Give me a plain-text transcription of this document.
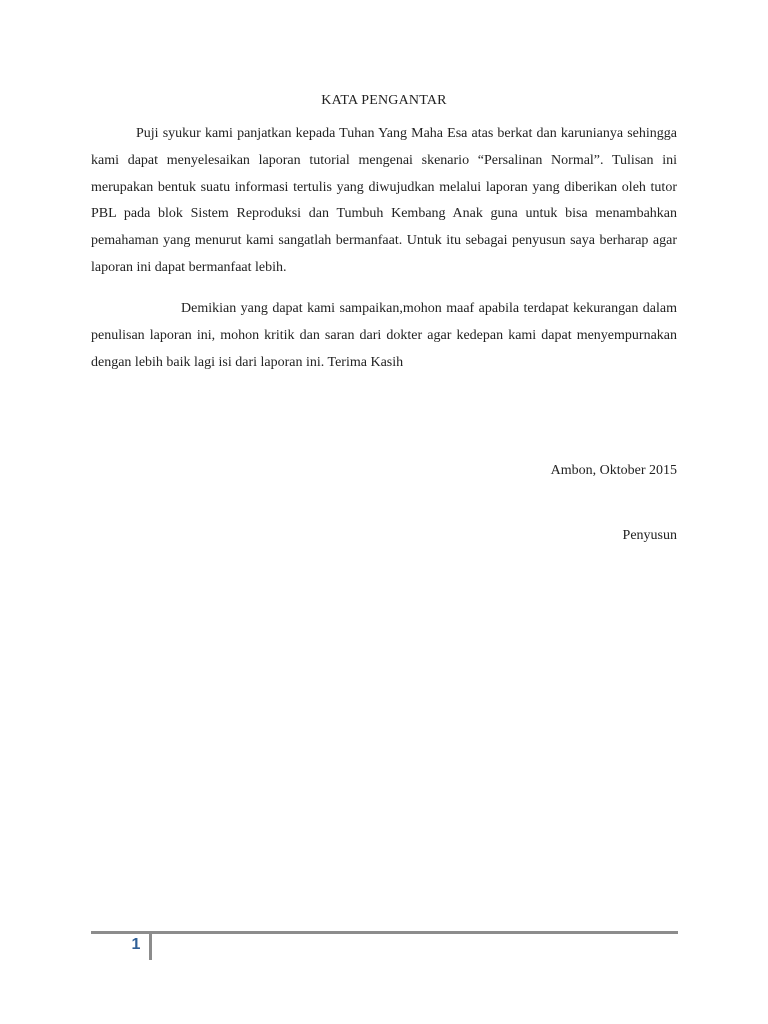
KATA PENGANTAR

Puji syukur kami panjatkan kepada Tuhan Yang Maha Esa atas berkat dan karunianya sehingga kami dapat menyelesaikan laporan tutorial mengenai skenario “Persalinan Normal”. Tulisan ini merupakan bentuk suatu informasi tertulis yang diwujudkan melalui laporan yang diberikan oleh tutor PBL pada blok Sistem Reproduksi dan Tumbuh Kembang Anak guna untuk bisa menambahkan pemahaman yang menurut kami sangatlah bermanfaat. Untuk itu sebagai penyusun saya berharap agar laporan ini dapat bermanfaat lebih.

Demikian yang dapat kami sampaikan,mohon maaf apabila terdapat kekurangan dalam penulisan laporan ini, mohon kritik dan saran dari dokter agar kedepan kami dapat menyempurnakan dengan lebih baik lagi isi dari laporan ini. Terima Kasih

Ambon, Oktober 2015
Penyusun
1
